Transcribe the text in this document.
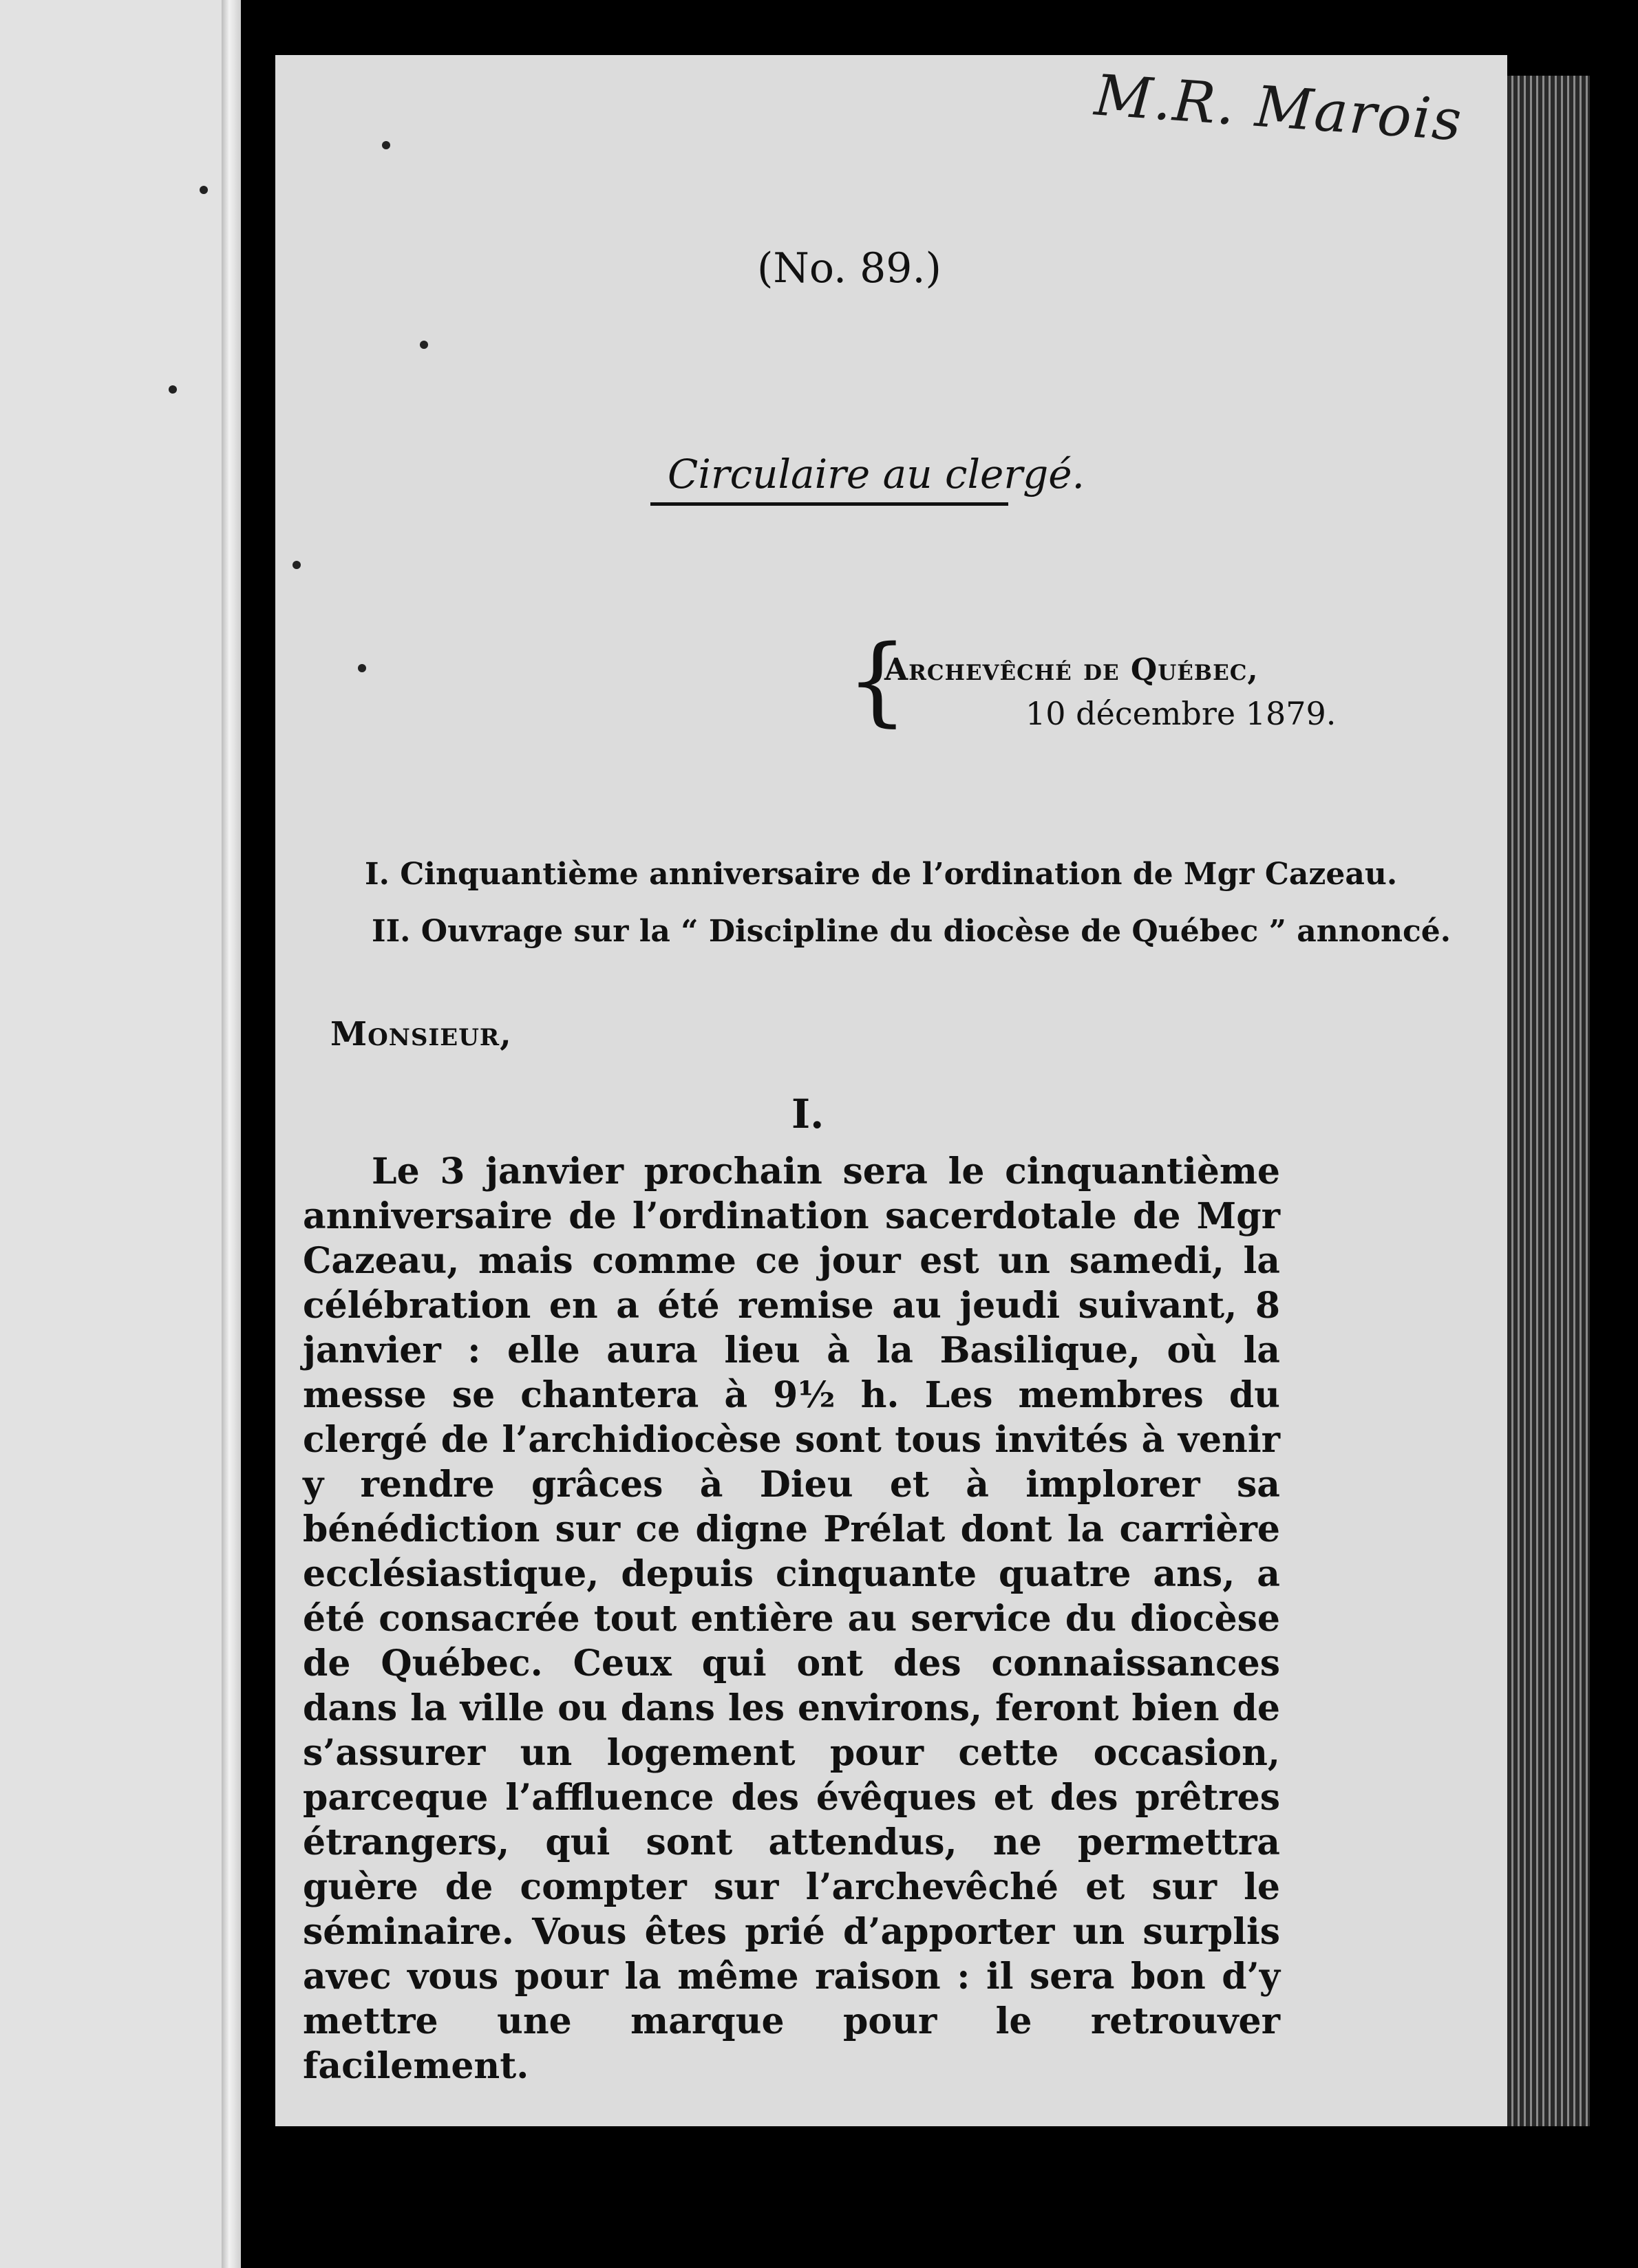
M.R. Marois
(No. 89.)
Circulaire au clergé.
{
Archevêché de Québec,
10 décembre 1879.
I. Cinquantième anniversaire de l’ordination de Mgr Cazeau.
II. Ouvrage sur la “ Discipline du diocèse de Québec ” annoncé.
Monsieur,
I.

Le 3 janvier prochain sera le cinquantième anniversaire de l’ordination sacerdotale de Mgr Cazeau, mais comme ce jour est un samedi, la célébration en a été remise au jeudi suivant, 8 janvier : elle aura lieu à la Basilique, où la messe se chantera à 9½ h. Les membres du clergé de l’archidiocèse sont tous invités à venir y rendre grâces à Dieu et à implorer sa bénédiction sur ce digne Prélat dont la carrière ecclésiastique, depuis cinquante quatre ans, a été consacrée tout entière au service du diocèse de Québec. Ceux qui ont des connaissances dans la ville ou dans les environs, feront bien de s’assurer un logement pour cette occasion, parceque l’affluence des évêques et des prêtres étrangers, qui sont attendus, ne permettra guère de compter sur l’archevêché et sur le séminaire. Vous êtes prié d’apporter un surplis avec vous pour la même raison : il sera bon d’y mettre une marque pour le retrouver facilement.
